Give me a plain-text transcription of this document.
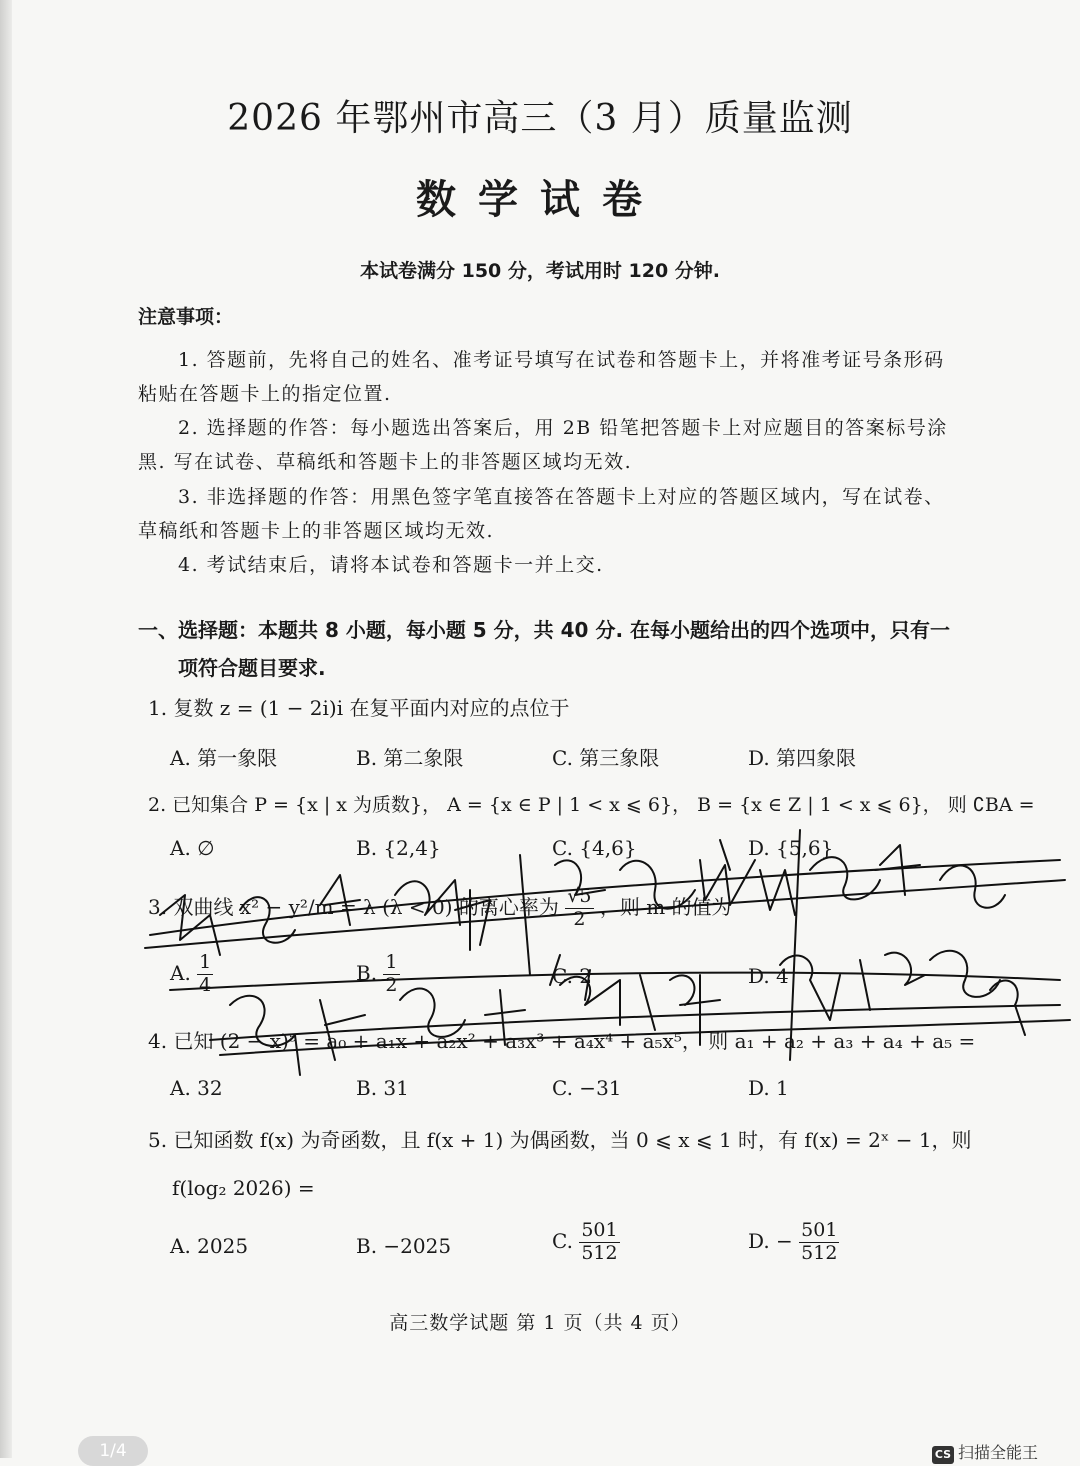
2026 年鄂州市高三（3 月）质量监测
数学试卷
本试卷满分 150 分，考试用时 120 分钟.
注意事项：
1. 答题前，先将自己的姓名、准考证号填写在试卷和答题卡上，并将准考证号条形码
粘贴在答题卡上的指定位置.
2. 选择题的作答：每小题选出答案后，用 2B 铅笔把答题卡上对应题目的答案标号涂
黑. 写在试卷、草稿纸和答题卡上的非答题区域均无效.
3. 非选择题的作答：用黑色签字笔直接答在答题卡上对应的答题区域内，写在试卷、
草稿纸和答题卡上的非答题区域均无效.
4. 考试结束后，请将本试卷和答题卡一并上交.
一、选择题：本题共 8 小题，每小题 5 分，共 40 分. 在每小题给出的四个选项中，只有一
项符合题目要求.
1. 复数 z = (1 − 2i)i 在复平面内对应的点位于
A. 第一象限	B. 第二象限	C. 第三象限	D. 第四象限
2. 已知集合 P = {x | x 为质数}， A = {x ∈ P | 1 < x ⩽ 6}， B = {x ∈ Z | 1 < x ⩽ 6}， 则 ∁BA =
A. ∅	B. {2,4}	C. {4,6}	D. {5,6}
3. 双曲线 x² − y²/m = λ (λ < 0) 的离心率为 $\frac{√5}{2}$ ，则 m 的值为
A. $\frac{1}{4}$	B. $\frac{1}{2}$	C. 2	D. 4
4. 已知 (2 − x)⁵ = a₀ + a₁x + a₂x² + a₃x³ + a₄x⁴ + a₅x⁵， 则 a₁ + a₂ + a₃ + a₄ + a₅ =
A. 32	B. 31	C. −31	D. 1
5. 已知函数 f(x) 为奇函数，且 f(x + 1) 为偶函数，当 0 ⩽ x ⩽ 1 时，有 f(x) = 2ˣ − 1，则
f(log₂ 2026) =
A. 2025	B. −2025	C. $\frac{501}{512}$	D. − $\frac{501}{512}$
高三数学试题 第 1 页（共 4 页）
1/4	CS 扫描全能王
